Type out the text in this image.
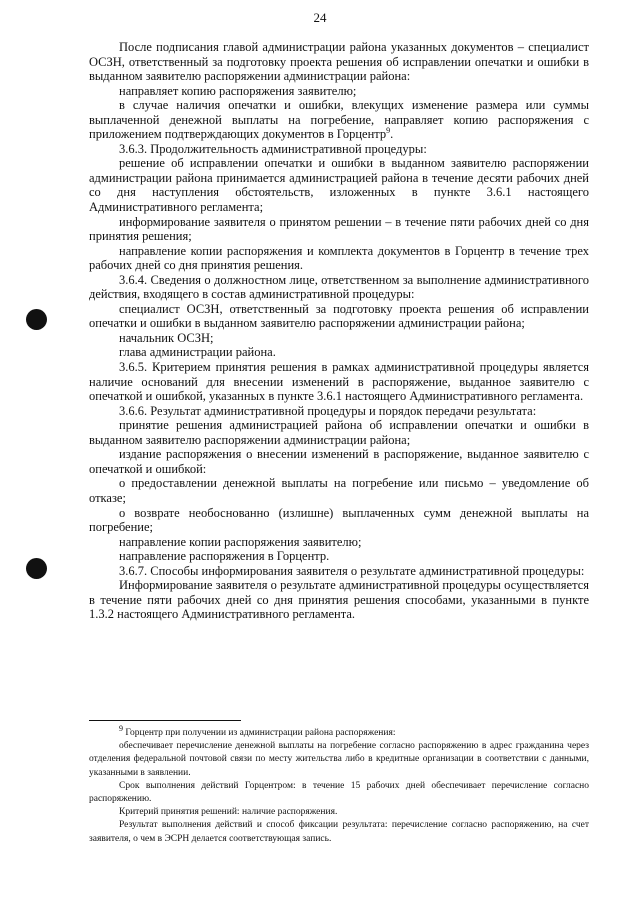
24

После подписания главой администрации района указанных документов – специалист ОСЗН, ответственный за подготовку проекта решения об исправлении опечатки и ошибки в выданном заявителю распоряжении администрации района:

направляет копию распоряжения заявителю;

в случае наличия опечатки и ошибки, влекущих изменение размера или суммы выплаченной денежной выплаты на погребение, направляет копию распоряжения с приложением подтверждающих документов в Горцентр$^9$.

3.6.3. Продолжительность административной процедуры:

решение об исправлении опечатки и ошибки в выданном заявителю распоряжении администрации района принимается администрацией района в течение десяти рабочих дней со дня наступления обстоятельств, изложенных в пункте 3.6.1 настоящего Административного регламента;

информирование заявителя о принятом решении – в течение пяти рабочих дней со дня принятия решения;

направление копии распоряжения и комплекта документов в Горцентр в течение трех рабочих дней со дня принятия решения.

3.6.4. Сведения о должностном лице, ответственном за выполнение административного действия, входящего в состав административной процедуры:

специалист ОСЗН, ответственный за подготовку проекта решения об исправлении опечатки и ошибки в выданном заявителю распоряжении администрации района;

начальник ОСЗН;

глава администрации района.

3.6.5. Критерием принятия решения в рамках административной процедуры является наличие оснований для внесении изменений в распоряжение, выданное заявителю с опечаткой и ошибкой, указанных в пункте 3.6.1 настоящего Административного регламента.

3.6.6. Результат административной процедуры и порядок передачи результата:

принятие решения администрацией района об исправлении опечатки и ошибки в выданном заявителю распоряжении администрации района;

издание распоряжения о внесении изменений в распоряжение, выданное заявителю с опечаткой и ошибкой:

о предоставлении денежной выплаты на погребение или письмо – уведомление об отказе;

о возврате необоснованно (излишне) выплаченных сумм денежной выплаты на погребение;

направление копии распоряжения заявителю;

направление распоряжения в Горцентр.

3.6.7. Способы информирования заявителя о результате административной процедуры:

Информирование заявителя о результате административной процедуры осуществляется в течение пяти рабочих дней со дня принятия решения способами, указанными в пункте 1.3.2 настоящего Административного регламента.

$^9$ Горцентр при получении из администрации района распоряжения:

обеспечивает перечисление денежной выплаты на погребение согласно распоряжению в адрес гражданина через отделения федеральной почтовой связи по месту жительства либо в кредитные организации в соответствии с данными, указанными в заявлении.

Срок выполнения действий Горцентром: в течение 15 рабочих дней обеспечивает перечисление согласно распоряжению.

Критерий принятия решений: наличие распоряжения.

Результат выполнения действий и способ фиксации результата: перечисление согласно распоряжению, на счет заявителя, о чем в ЭСРН делается соответствующая запись.
